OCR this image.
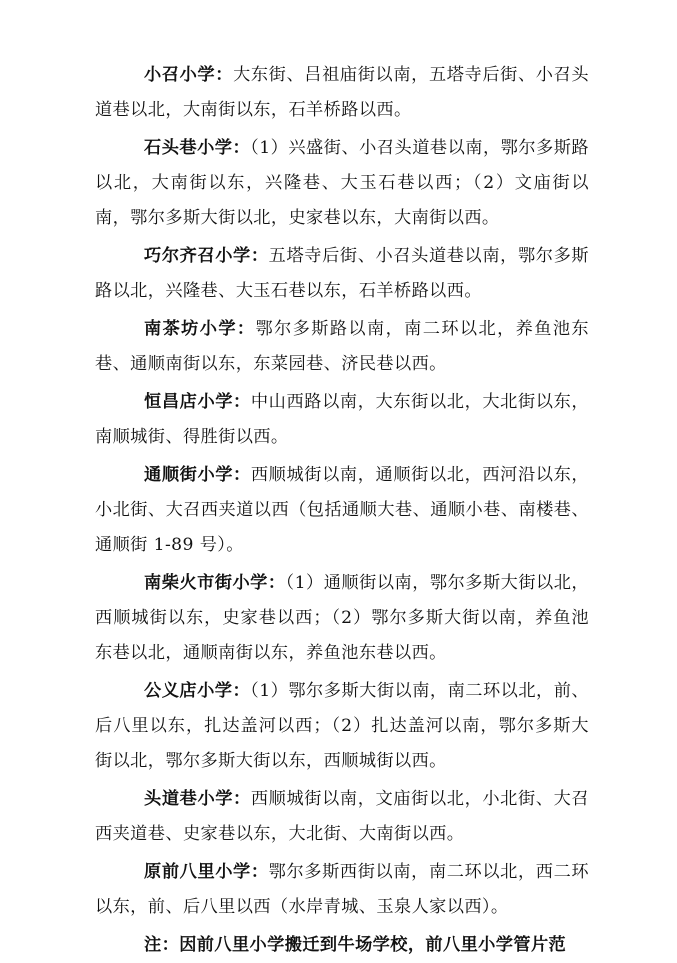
小召小学：大东街、吕祖庙街以南，五塔寺后街、小召头道巷以北，大南街以东，石羊桥路以西。

石头巷小学：（1）兴盛街、小召头道巷以南，鄂尔多斯路以北，大南街以东，兴隆巷、大玉石巷以西；（2）文庙街以南，鄂尔多斯大街以北，史家巷以东，大南街以西。

巧尔齐召小学：五塔寺后街、小召头道巷以南，鄂尔多斯路以北，兴隆巷、大玉石巷以东，石羊桥路以西。

南茶坊小学：鄂尔多斯路以南，南二环以北，养鱼池东巷、通顺南街以东，东菜园巷、济民巷以西。

恒昌店小学：中山西路以南，大东街以北，大北街以东，南顺城街、得胜街以西。

通顺街小学：西顺城街以南，通顺街以北，西河沿以东，小北街、大召西夹道以西（包括通顺大巷、通顺小巷、南楼巷、通顺街 1-89 号）。

南柴火市街小学：（1）通顺街以南，鄂尔多斯大街以北，西顺城街以东，史家巷以西；（2）鄂尔多斯大街以南，养鱼池东巷以北，通顺南街以东，养鱼池东巷以西。

公义店小学：（1）鄂尔多斯大街以南，南二环以北，前、后八里以东，扎达盖河以西；（2）扎达盖河以南，鄂尔多斯大街以北，鄂尔多斯大街以东，西顺城街以西。

头道巷小学：西顺城街以南，文庙街以北，小北街、大召西夹道巷、史家巷以东，大北街、大南街以西。

原前八里小学：鄂尔多斯西街以南，南二环以北，西二环以东，前、后八里以西（水岸青城、玉泉人家以西）。

注：因前八里小学搬迁到牛场学校，前八里小学管片范
